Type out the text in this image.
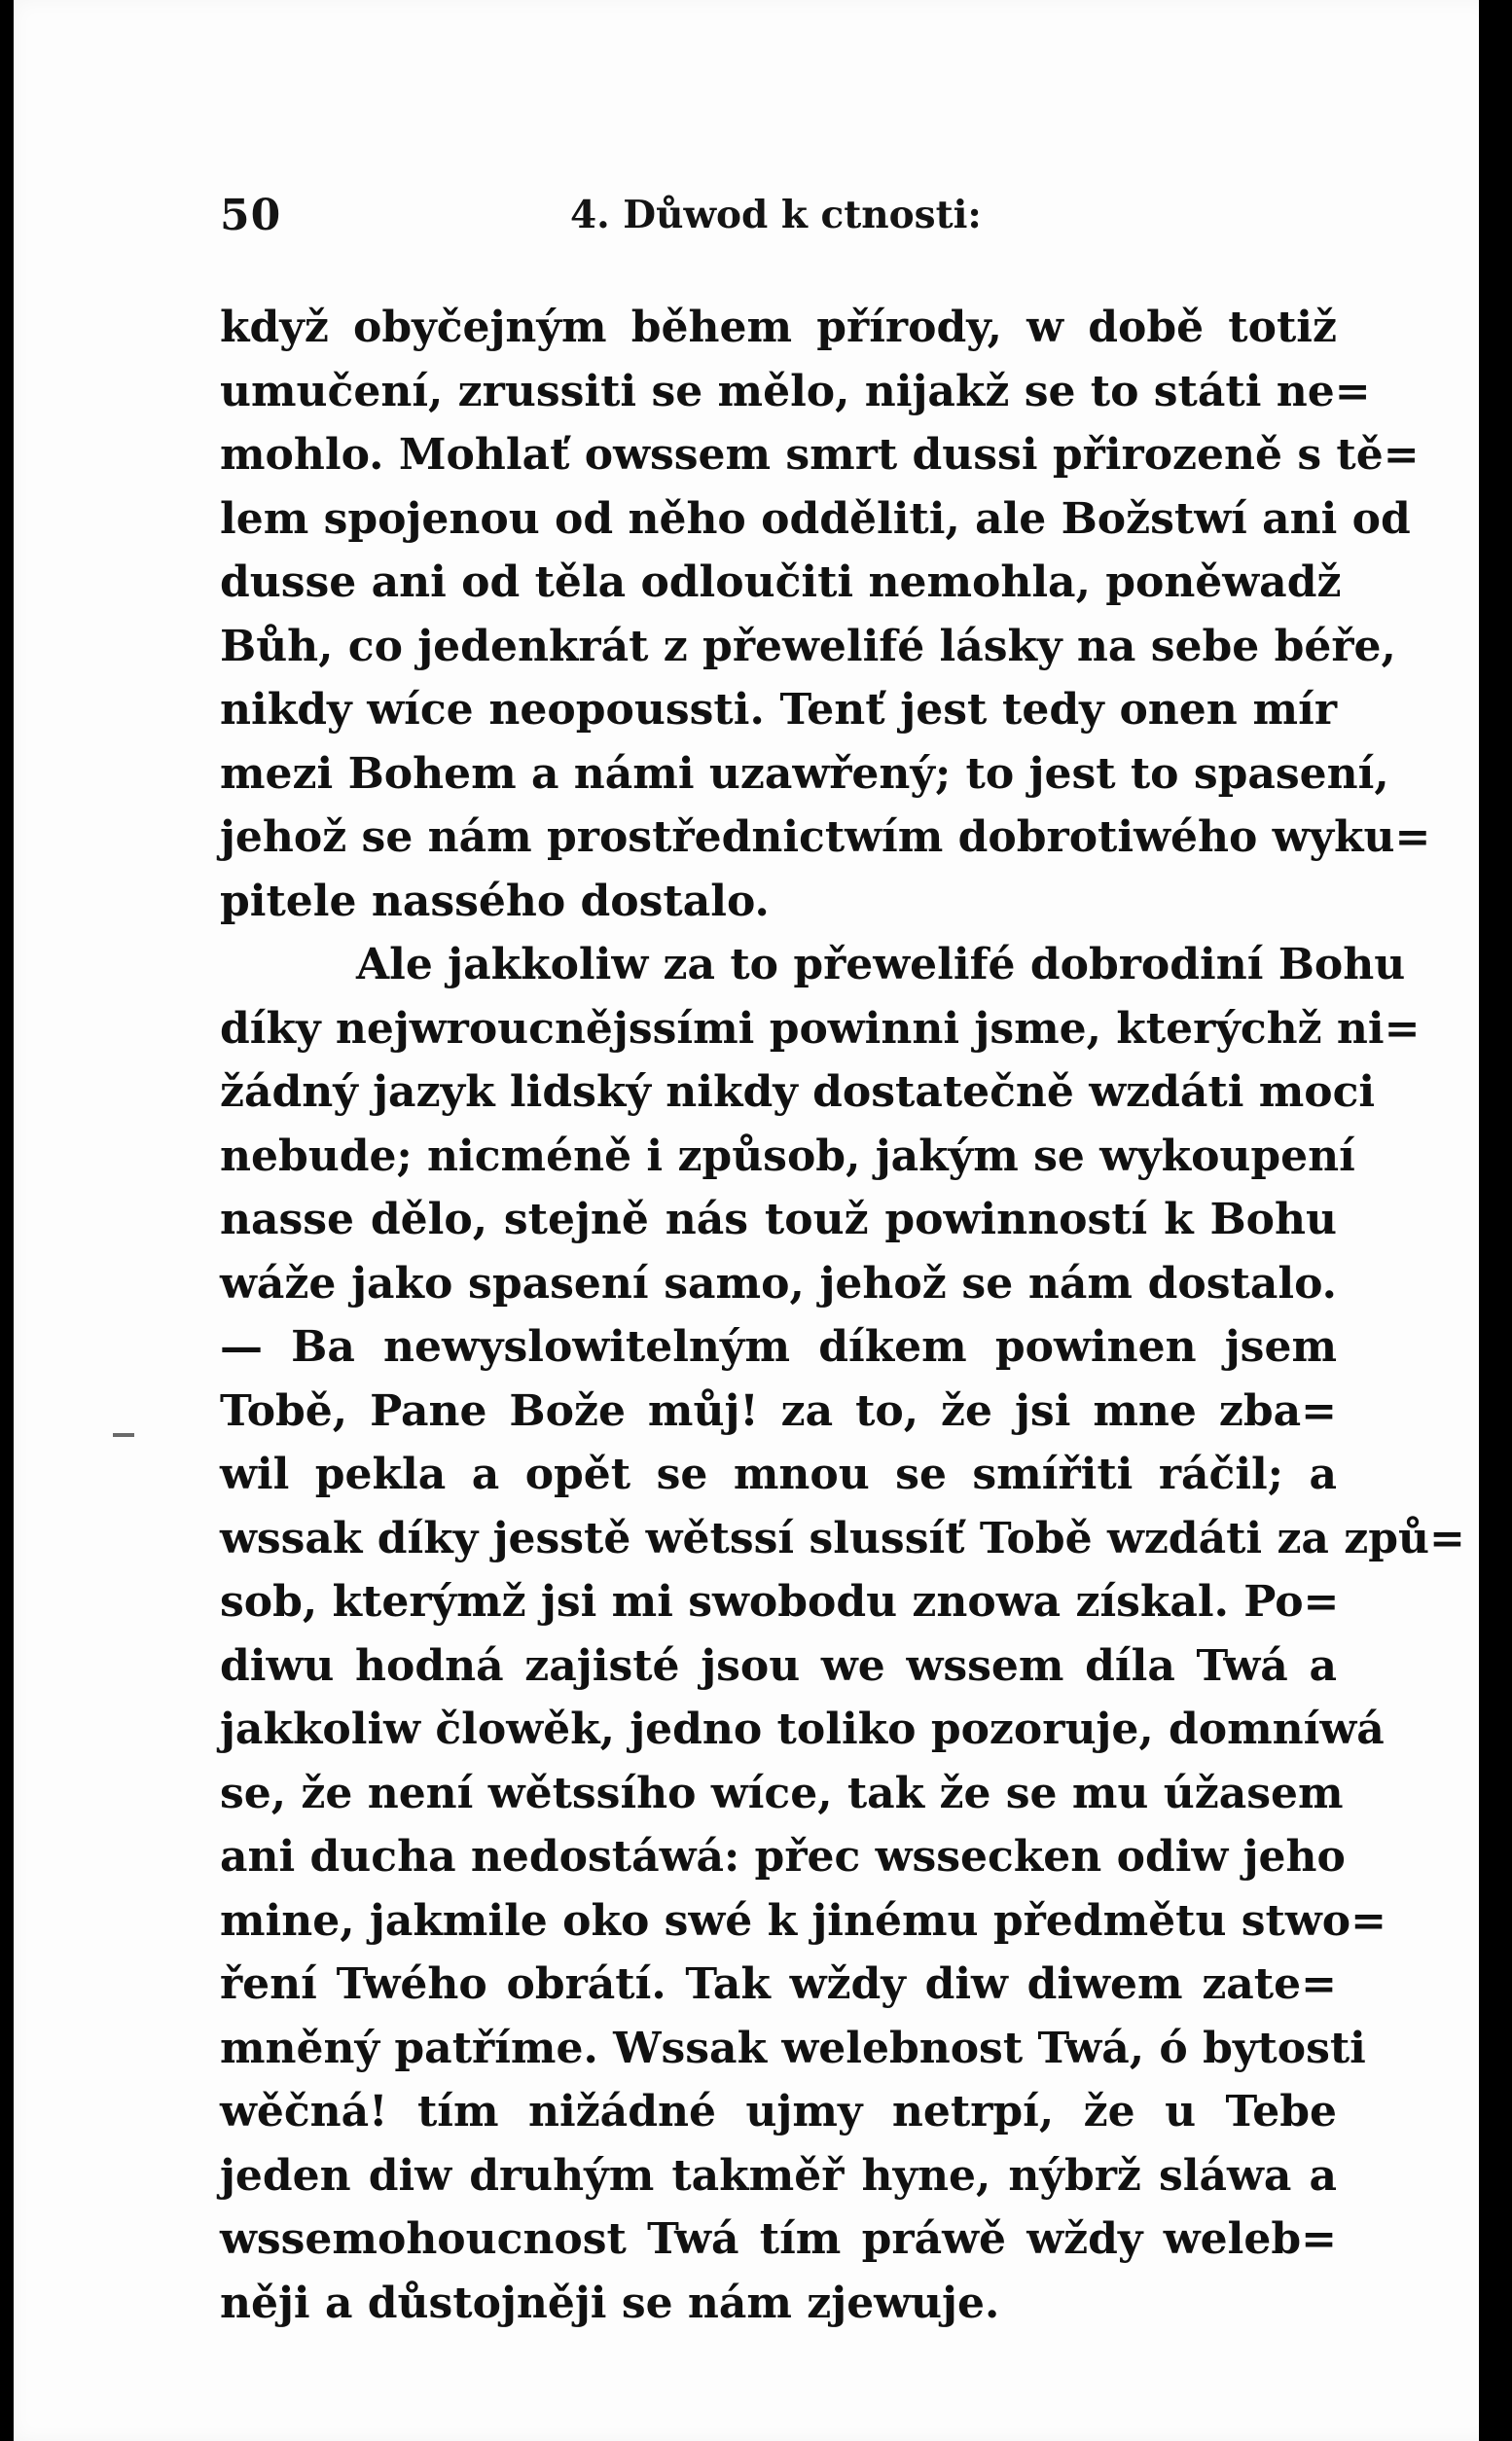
50	4. Důwod k ctnosti:
když obyčejným během přírody, w době totiž
umučení, zrussiti se mělo, nijakž se to státi ne=
mohlo. Mohlať owssem smrt dussi přirozeně s tě=
lem spojenou od něho odděliti, ale Božstwí ani od
dusse ani od těla odloučiti nemohla, poněwadž
Bůh, co jedenkrát z přewelifé lásky na sebe béře,
nikdy wíce neopoussti. Tenť jest tedy onen mír
mezi Bohem a námi uzawřený; to jest to spasení,
jehož se nám prostřednictwím dobrotiwého wyku=
pitele nassého dostalo.
Ale jakkoliw za to přewelifé dobrodiní Bohu
díky nejwroucnějssími powinni jsme, kterýchž ni=
žádný jazyk lidský nikdy dostatečně wzdáti moci
nebude; nicméně i způsob, jakým se wykoupení
nasse dělo, stejně nás touž powinností k Bohu
wáže jako spasení samo, jehož se nám dostalo.
— Ba newyslowitelným díkem powinen jsem
Tobě, Pane Bože můj! za to, že jsi mne zba=
wil pekla a opět se mnou se smířiti ráčil; a
wssak díky jesstě wětssí slussíť Tobě wzdáti za způ=
sob, kterýmž jsi mi swobodu znowa získal. Po=
diwu hodná zajisté jsou we wssem díla Twá a
jakkoliw člowěk, jedno toliko pozoruje, domníwá
se, že není wětssího wíce, tak že se mu úžasem
ani ducha nedostáwá: přec wssecken odiw jeho
mine, jakmile oko swé k jinému předmětu stwo=
ření Twého obrátí. Tak wždy diw diwem zate=
mněný patříme. Wssak welebnost Twá, ó bytosti
wěčná! tím nižádné ujmy netrpí, že u Tebe
jeden diw druhým takměř hyne, nýbrž sláwa a
wssemohoucnost Twá tím práwě wždy weleb=
něji a důstojněji se nám zjewuje.
